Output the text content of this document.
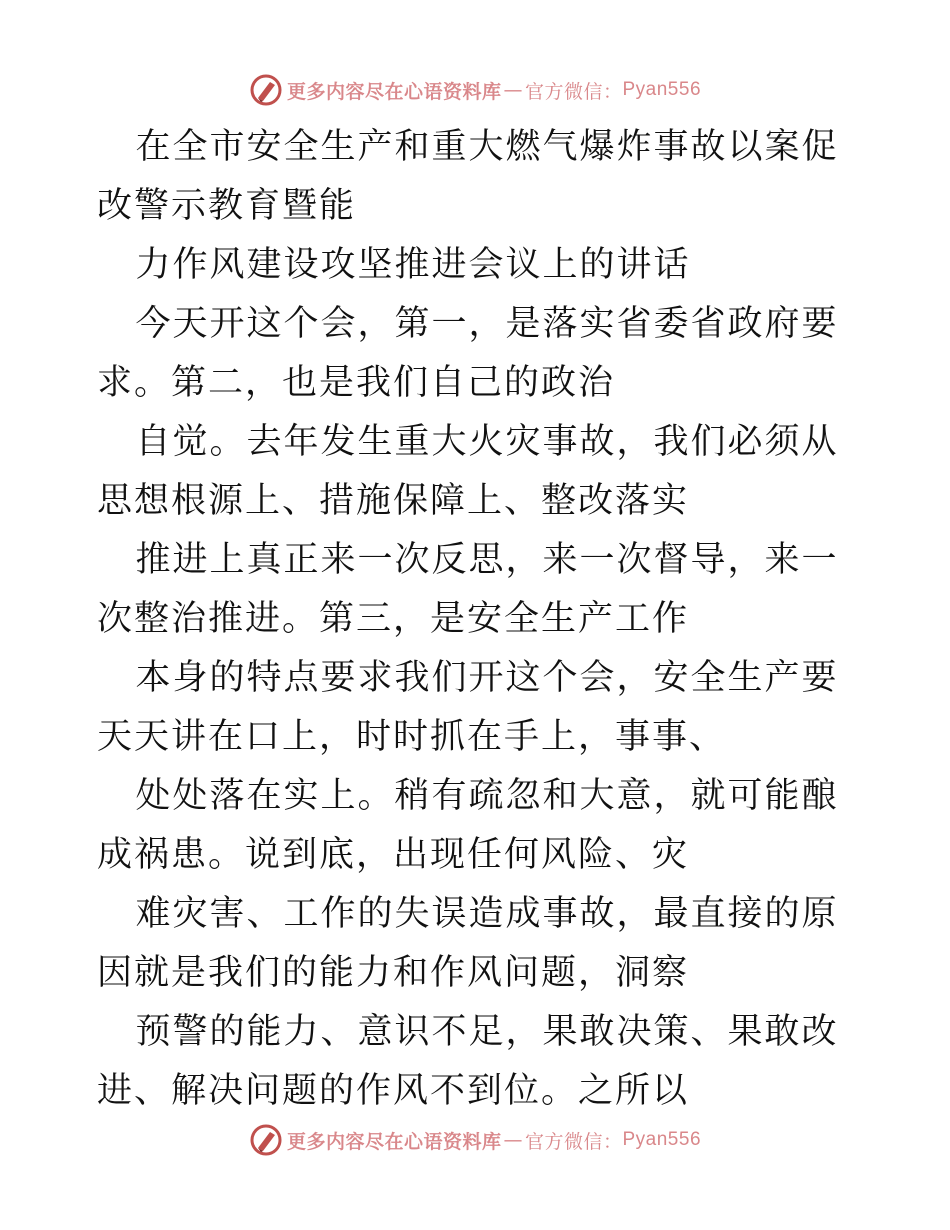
更多内容尽在心语资料库 — 官方微信： Pyan556

在全市安全生产和重大燃气爆炸事故以案促改警示教育暨能

力作风建设攻坚推进会议上的讲话

今天开这个会，第一，是落实省委省政府要求。第二，也是我们自己的政治

自觉。去年发生重大火灾事故，我们必须从思想根源上、措施保障上、整改落实

推进上真正来一次反思，来一次督导，来一次整治推进。第三，是安全生产工作

本身的特点要求我们开这个会，安全生产要天天讲在口上，时时抓在手上，事事、

处处落在实上。稍有疏忽和大意，就可能酿成祸患。说到底，出现任何风险、灾

难灾害、工作的失误造成事故，最直接的原因就是我们的能力和作风问题，洞察

预警的能力、意识不足，果敢决策、果敢改进、解决问题的作风不到位。之所以

更多内容尽在心语资料库 — 官方微信： Pyan556
